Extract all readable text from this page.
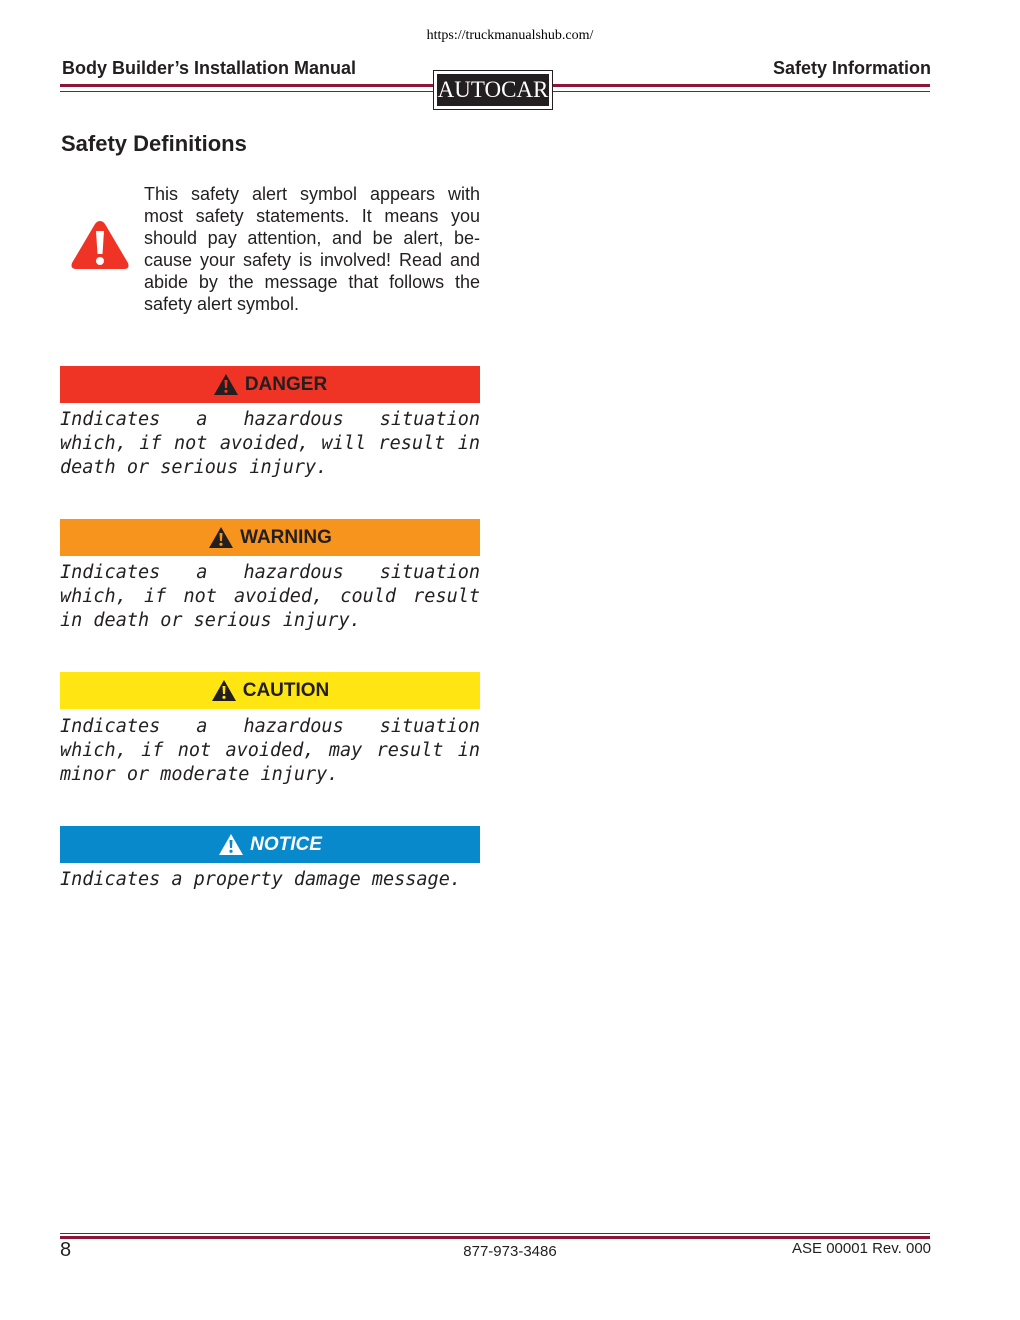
https://truckmanualshub.com/
Body Builder’s Installation Manual	Safety Information
AUTOCAR
Safety Definitions
This safety alert symbol appears with most safety statements. It means you should pay attention, and be alert, be-cause your safety is involved! Read and abide by the message that follows the safety alert symbol.
DANGER
Indicates a hazardous situation which, if not avoided, will result in death or serious injury.
WARNING
Indicates a hazardous situation which, if not avoided, could result in death or serious injury.
CAUTION
Indicates a hazardous situation which, if not avoided, may result in minor or moderate injury.
NOTICE
Indicates a property damage message.
8	877-973-3486	ASE 00001 Rev. 000
